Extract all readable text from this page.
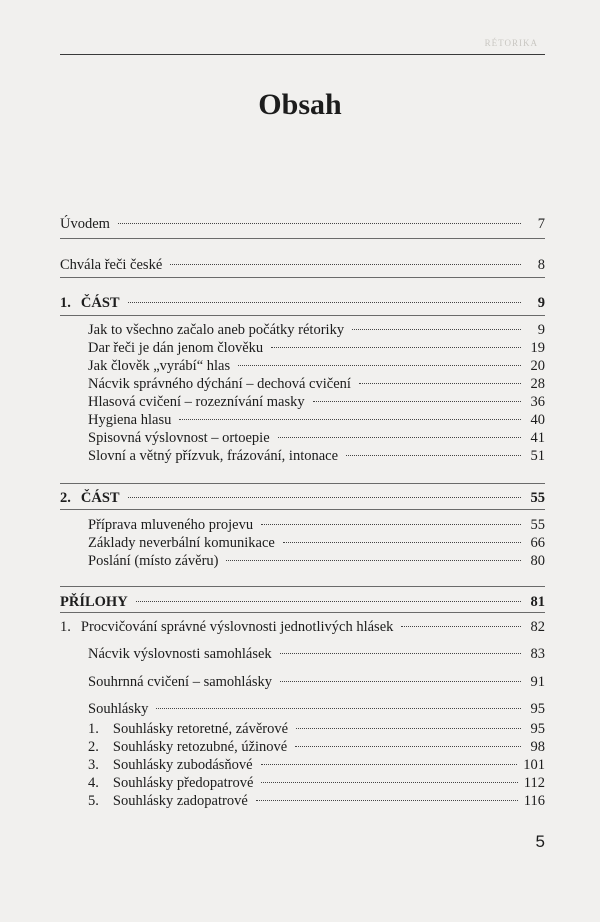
RÉTORIKA

Obsah
Úvodem	7
Chvála řeči české	8
1. ČÁST	9
Jak to všechno začalo aneb počátky rétoriky	9
Dar řeči je dán jenom člověku	19
Jak člověk „vyrábí“ hlas	20
Nácvik správného dýchání – dechová cvičení	28
Hlasová cvičení – rozeznívání masky	36
Hygiena hlasu	40
Spisovná výslovnost – ortoepie	41
Slovní a větný přízvuk, frázování, intonace	51
2. ČÁST	55
Příprava mluveného projevu	55
Základy neverbální komunikace	66
Poslání (místo závěru)	80
PŘÍLOHY	81
1. Procvičování správné výslovnosti jednotlivých hlásek	82
Nácvik výslovnosti samohlásek	83
Souhrnná cvičení – samohlásky	91
Souhlásky	95
1. Souhlásky retoretné, závěrové	95
2. Souhlásky retozubné, úžinové	98
3. Souhlásky zubodásňové	101
4. Souhlásky předopatrové	112
5. Souhlásky zadopatrové	116
5
